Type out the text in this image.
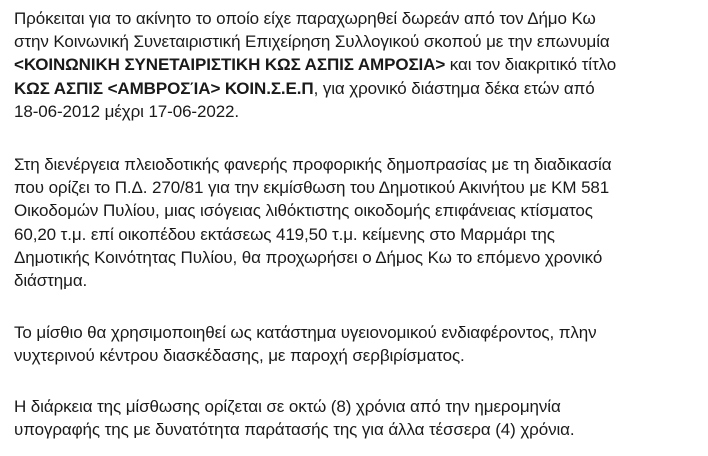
Πρόκειται για το ακίνητο το οποίο είχε παραχωρηθεί δωρεάν από τον Δήμο Κω
στην Κοινωνική Συνεταιριστική Επιχείρηση Συλλογικού σκοπού με την επωνυμία
<ΚΟΙΝΩΝΙΚΗ ΣΥΝΕΤΑΙΡΙΣΤΙΚΗ ΚΩΣ ΑΣΠΙΣ ΑΜΡΟΣΙΑ> και τον διακριτικό τίτλο
ΚΩΣ ΑΣΠΙΣ <ΑΜΒΡΟΣΊΑ> ΚΟΙΝ.Σ.Ε.Π, για χρονικό διάστημα δέκα ετών από
18-06-2012 μέχρι 17-06-2022.
Στη διενέργεια πλειοδοτικής φανερής προφορικής δημοπρασίας με τη διαδικασία
που ορίζει το Π.Δ. 270/81 για την εκμίσθωση του Δημοτικού Ακινήτου με ΚΜ 581
Οικοδομών Πυλίου, μιας ισόγειας λιθόκτιστης οικοδομής επιφάνειας κτίσματος
60,20 τ.μ. επί οικοπέδου εκτάσεως 419,50 τ.μ. κείμενης στο Μαρμάρι της
Δημοτικής Κοινότητας Πυλίου, θα προχωρήσει ο Δήμος Κω το επόμενο χρονικό
διάστημα.
Το μίσθιο θα χρησιμοποιηθεί ως κατάστημα υγειονομικού ενδιαφέροντος, πλην
νυχτερινού κέντρου διασκέδασης, με παροχή σερβιρίσματος.
Η διάρκεια της μίσθωσης ορίζεται σε οκτώ (8) χρόνια από την ημερομηνία
υπογραφής της με δυνατότητα παράτασής της για άλλα τέσσερα (4) χρόνια.
